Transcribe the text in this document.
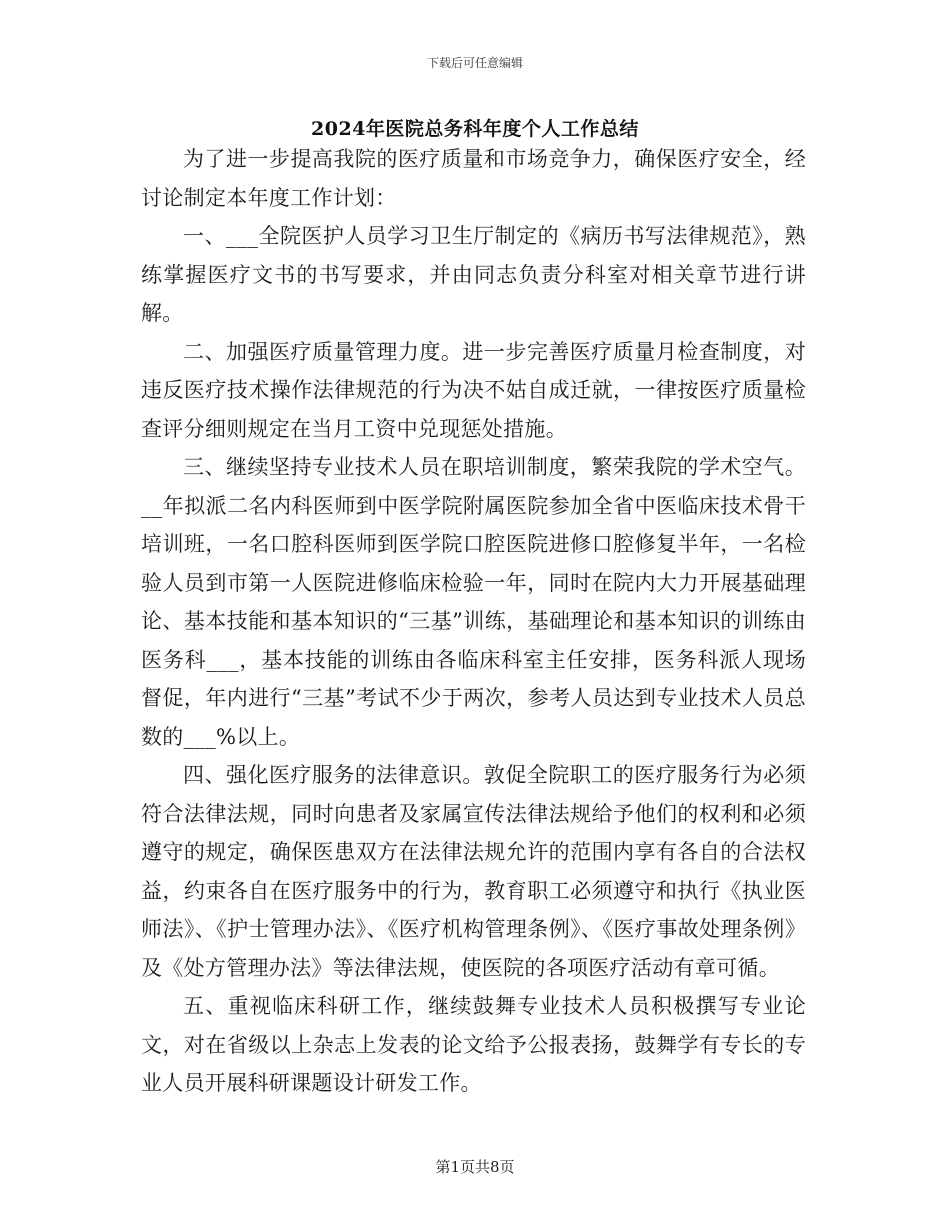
下载后可任意编辑
2024年医院总务科年度个人工作总结

为了进一步提高我院的医疗质量和市场竞争力，确保医疗安全，经讨论制定本年度工作计划：

一、___全院医护人员学习卫生厅制定的《病历书写法律规范》，熟练掌握医疗文书的书写要求，并由同志负责分科室对相关章节进行讲解。

二、加强医疗质量管理力度。进一步完善医疗质量月检查制度，对违反医疗技术操作法律规范的行为决不姑自成迁就，一律按医疗质量检查评分细则规定在当月工资中兑现惩处措施。

三、继续坚持专业技术人员在职培训制度，繁荣我院的学术空气。__年拟派二名内科医师到中医学院附属医院参加全省中医临床技术骨干培训班，一名口腔科医师到医学院口腔医院进修口腔修复半年，一名检验人员到市第一人医院进修临床检验一年，同时在院内大力开展基础理论、基本技能和基本知识的“三基”训练，基础理论和基本知识的训练由医务科___，基本技能的训练由各临床科室主任安排，医务科派人现场督促，年内进行“三基”考试不少于两次，参考人员达到专业技术人员总数的___%以上。

四、强化医疗服务的法律意识。敦促全院职工的医疗服务行为必须符合法律法规，同时向患者及家属宣传法律法规给予他们的权利和必须遵守的规定，确保医患双方在法律法规允许的范围内享有各自的合法权益，约束各自在医疗服务中的行为，教育职工必须遵守和执行《执业医师法》、《护士管理办法》、《医疗机构管理条例》、《医疗事故处理条例》及《处方管理办法》等法律法规，使医院的各项医疗活动有章可循。

五、重视临床科研工作，继续鼓舞专业技术人员积极撰写专业论文，对在省级以上杂志上发表的论文给予公报表扬，鼓舞学有专长的专业人员开展科研课题设计研发工作。

第1页共8页
